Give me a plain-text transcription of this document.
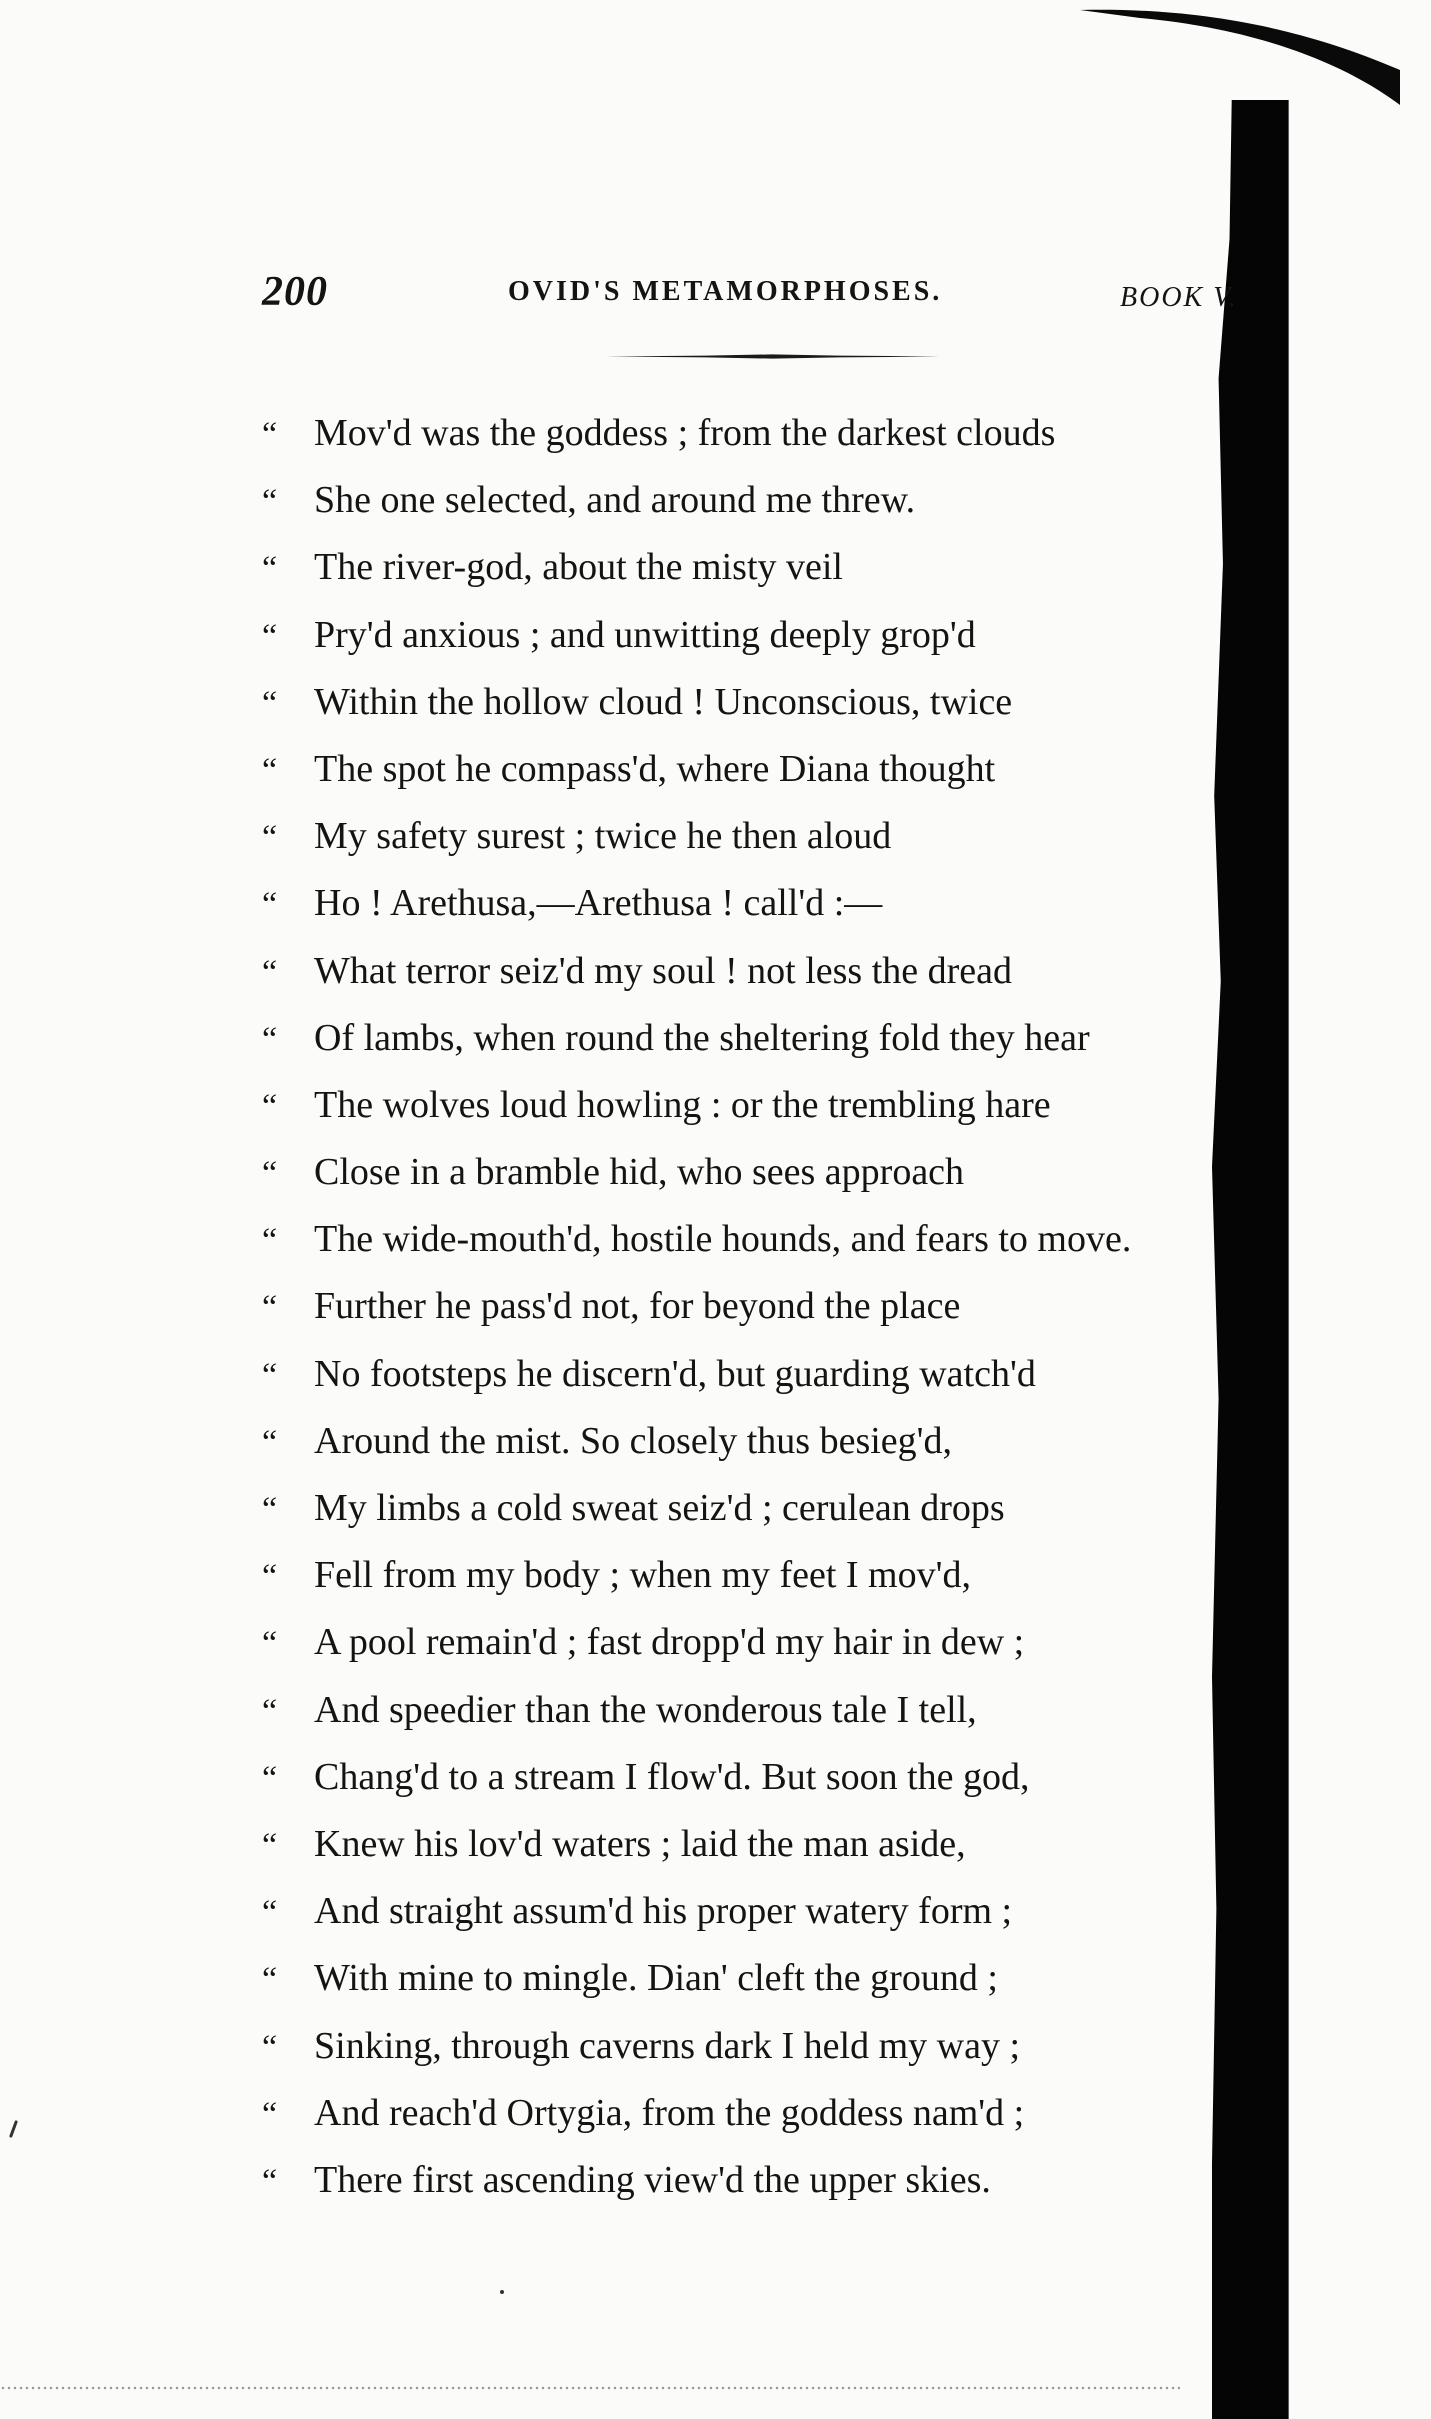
200	OVID'S METAMORPHOSES.	BOOK V.
“ Mov'd was the goddess ; from the darkest clouds
“ She one selected, and around me threw.
“ The river-god, about the misty veil
“ Pry'd anxious ; and unwitting deeply grop'd
“ Within the hollow cloud ! Unconscious, twice
“ The spot he compass'd, where Diana thought
“ My safety surest ; twice he then aloud
“ Ho ! Arethusa,—Arethusa ! call'd :—
“ What terror seiz'd my soul ! not less the dread
“ Of lambs, when round the sheltering fold they hear
“ The wolves loud howling : or the trembling hare
“ Close in a bramble hid, who sees approach
“ The wide-mouth'd, hostile hounds, and fears to move.
“ Further he pass'd not, for beyond the place
“ No footsteps he discern'd, but guarding watch'd
“ Around the mist. So closely thus besieg'd,
“ My limbs a cold sweat seiz'd ; cerulean drops
“ Fell from my body ; when my feet I mov'd,
“ A pool remain'd ; fast dropp'd my hair in dew ;
“ And speedier than the wonderous tale I tell,
“ Chang'd to a stream I flow'd. But soon the god,
“ Knew his lov'd waters ; laid the man aside,
“ And straight assum'd his proper watery form ;
“ With mine to mingle. Dian' cleft the ground ;
“ Sinking, through caverns dark I held my way ;
“ And reach'd Ortygia, from the goddess nam'd ;
“ There first ascending view'd the upper skies.
